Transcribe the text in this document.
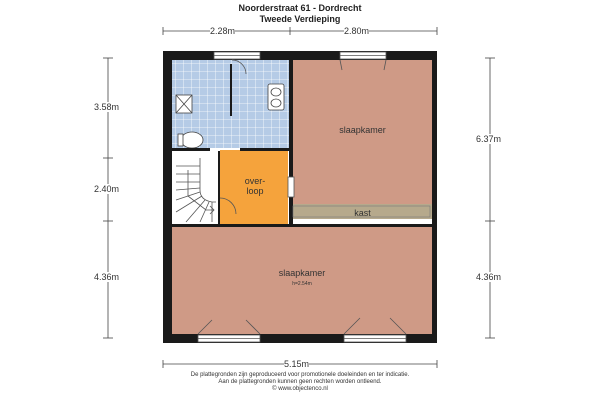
Noorderstraat 61 - Dordrecht
Tweede Verdieping
2.28m	2.80m
3.58m
2.40m
4.36m
6.37m
4.36m
5.15m
slaapkamer
over-
loop
kast
slaapkamer
h=2.54m
De plattegronden zijn geproduceerd voor promotionele doeleinden en ter indicatie.
Aan de plattegronden kunnen geen rechten worden ontleend.
© www.objectenco.nl
